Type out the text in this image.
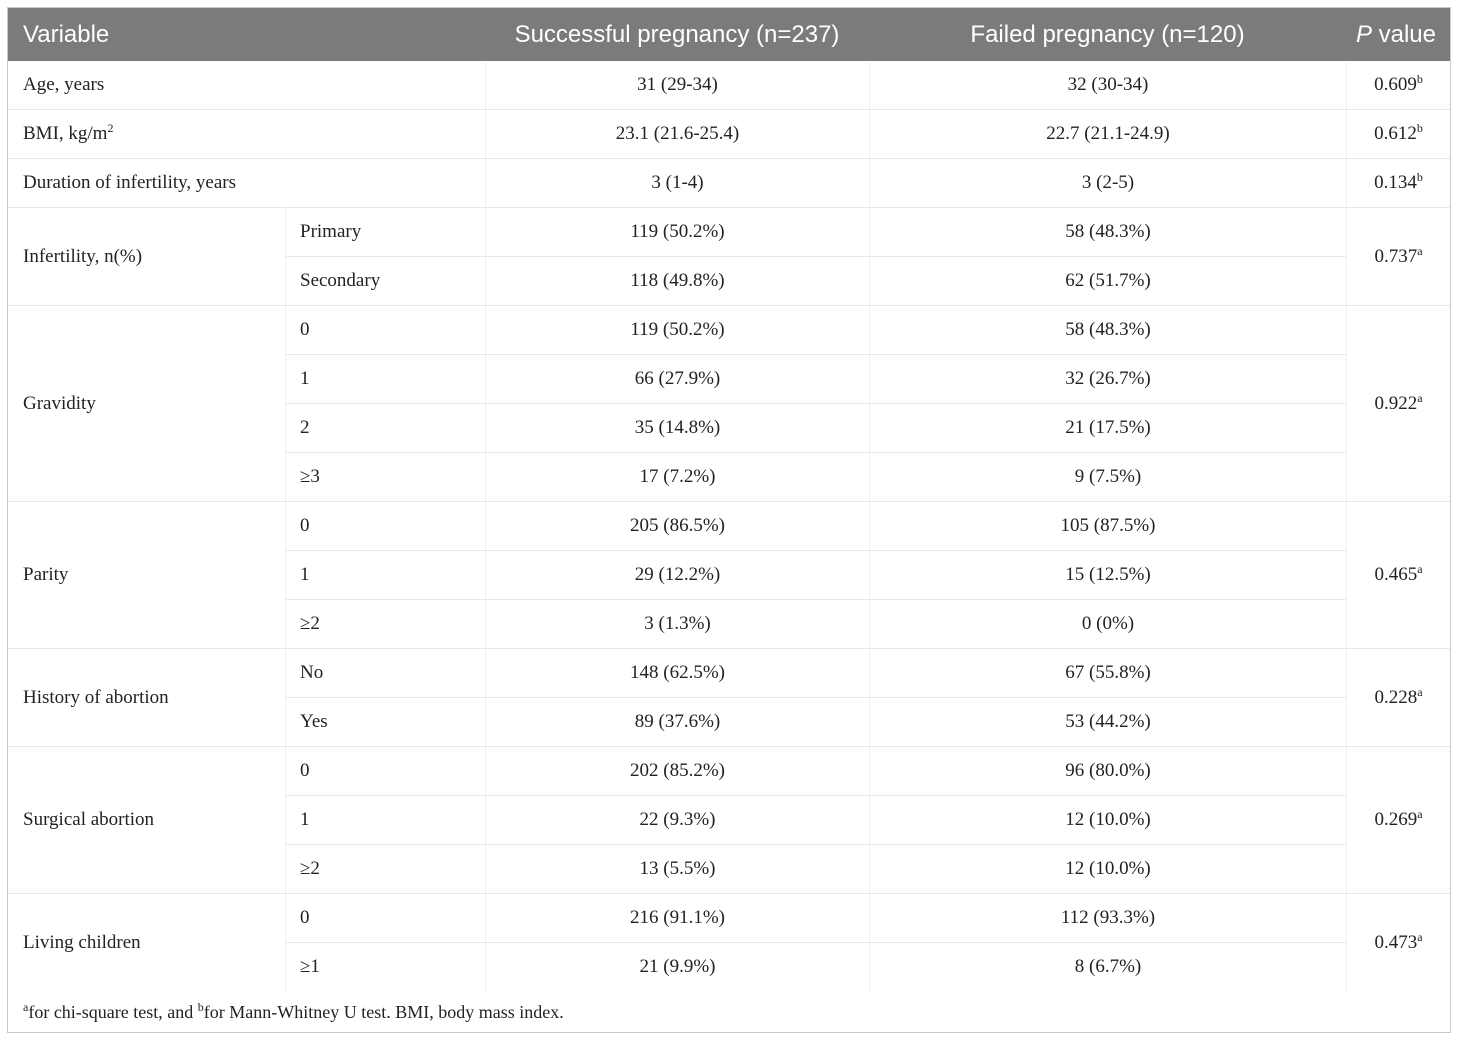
Variable		Successful pregnancy (n=237)	Failed pregnancy (n=120)	P value
Age, years		31 (29-34)	32 (30-34)	0.609$^b$
BMI, $kg/m^2$		23.1 (21.6-25.4)	22.7 (21.1-24.9)	0.612$^b$
Duration of infertility, years		3 (1-4)	3 (2-5)	0.134$^b$
Infertility, n(%)	Primary	119 (50.2%)	58 (48.3%)	0.737$^a$
	Secondary	118 (49.8%)	62 (51.7%)	
Gravidity	0	119 (50.2%)	58 (48.3%)	0.922$^a$
	1	66 (27.9%)	32 (26.7%)	
	2	35 (14.8%)	21 (17.5%)	
	≥3	17 (7.2%)	9 (7.5%)	
Parity	0	205 (86.5%)	105 (87.5%)	0.465$^a$
	1	29 (12.2%)	15 (12.5%)	
	≥2	3 (1.3%)	0 (0%)	
History of abortion	No	148 (62.5%)	67 (55.8%)	0.228$^a$
	Yes	89 (37.6%)	53 (44.2%)	
Surgical abortion	0	202 (85.2%)	96 (80.0%)	0.269$^a$
	1	22 (9.3%)	12 (10.0%)	
	≥2	13 (5.5%)	12 (10.0%)	
Living children	0	216 (91.1%)	112 (93.3%)	0.473$^a$
	≥1	21 (9.9%)	8 (6.7%)	
$^a$for chi-square test, and $^b$for Mann-Whitney U test. BMI, body mass index.
